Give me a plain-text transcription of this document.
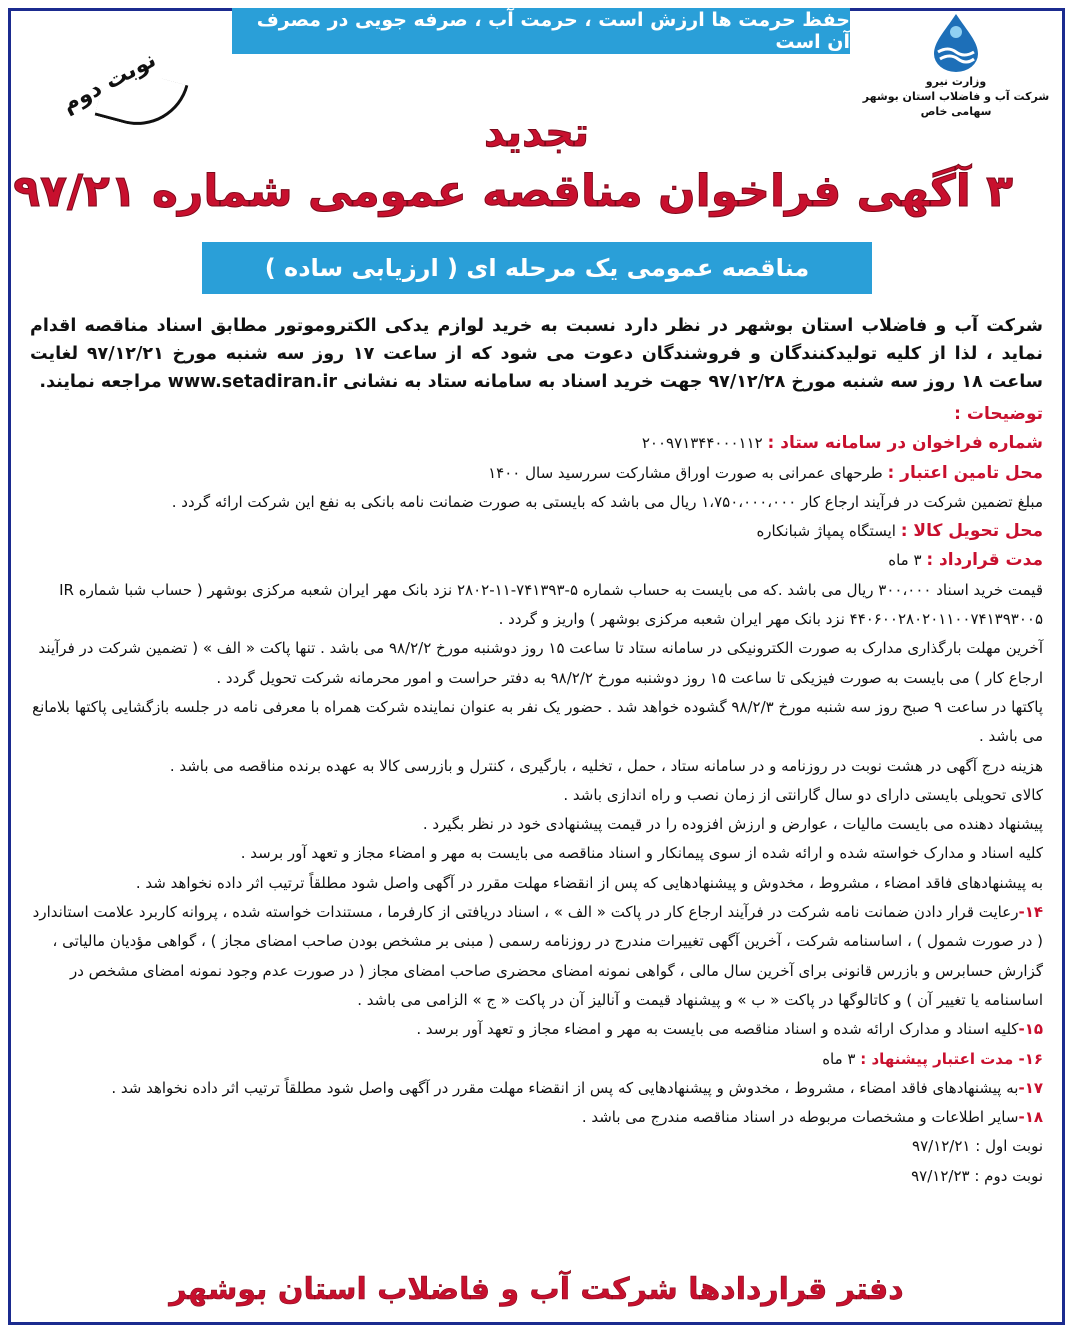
حفظ حرمت ها ارزش است ، حرمت آب ، صرفه جویی در مصرف آن است
وزارت نیرو
شرکت آب و فاضلاب استان بوشهر
سهامی خاص
نوبت دوم
تجدید
۳ آگهی فراخوان مناقصه عمومی شماره ۹۷/۲۱
مناقصه عمومی یک مرحله ای ( ارزیابی ساده )
شرکت آب و فاضلاب استان بوشهر در نظر دارد نسبت به خرید لوازم یدکی الکتروموتور مطابق اسناد مناقصه اقدام نماید ، لذا از کلیه تولیدکنندگان و فروشندگان دعوت می شود که از ساعت ۱۷ روز سه شنبه مورخ ۹۷/۱۲/۲۱ لغایت ساعت ۱۸ روز سه شنبه مورخ ۹۷/۱۲/۲۸ جهت خرید اسناد به سامانه ستاد به نشانی www.setadiran.ir مراجعه نمایند.

توضیحات :

شماره فراخوان در سامانه ستاد : ۲۰۰۹۷۱۳۴۴۰۰۰۱۱۲

محل تامین اعتبار : طرحهای عمرانی به صورت اوراق مشارکت سررسید سال ۱۴۰۰

مبلغ تضمین شرکت در فرآیند ارجاع کار ۱،۷۵۰،۰۰۰،۰۰۰ ریال می باشد که بایستی به صورت ضمانت نامه بانکی به نفع این شرکت ارائه گردد .

محل تحویل کالا : ایستگاه پمپاژ شبانکاره

مدت قرارداد : ۳ ماه

قیمت خرید اسناد ۳۰۰،۰۰۰ ریال می باشد .که می بایست به حساب شماره ۵-۷۴۱۳۹۳-۱۱-۲۸۰۲ نزد بانک مهر ایران شعبه مرکزی بوشهر ( حساب شبا شماره IR ۴۴۰۶۰۰۲۸۰۲۰۱۱۰۰۷۴۱۳۹۳۰۰۵ نزد بانک مهر ایران شعبه مرکزی بوشهر ) واریز و گردد .

آخرین مهلت بارگذاری مدارک به صورت الکترونیکی در سامانه ستاد تا ساعت ۱۵ روز دوشنبه مورخ ۹۸/۲/۲ می باشد . تنها پاکت « الف » ( تضمین شرکت در فرآیند ارجاع کار ) می بایست به صورت فیزیکی تا ساعت ۱۵ روز دوشنبه مورخ ۹۸/۲/۲ به دفتر حراست و امور محرمانه شرکت تحویل گردد .

پاکتها در ساعت ۹ صبح روز سه شنبه مورخ ۹۸/۲/۳ گشوده خواهد شد . حضور یک نفر به عنوان نماینده شرکت همراه با معرفی نامه در جلسه بازگشایی پاکتها بلامانع می باشد .

هزینه درج آگهی در هشت نوبت در روزنامه و در سامانه ستاد ، حمل ، تخلیه ، بارگیری ، کنترل و بازرسی کالا به عهده برنده مناقصه می باشد .

کالای تحویلی بایستی دارای دو سال گارانتی از زمان نصب و راه اندازی باشد .

پیشنهاد دهنده می بایست مالیات ، عوارض و ارزش افزوده را در قیمت پیشنهادی خود در نظر بگیرد .

کلیه اسناد و مدارک خواسته شده و ارائه شده از سوی پیمانکار و اسناد مناقصه می بایست به مهر و امضاء مجاز و تعهد آور برسد .

به پیشنهادهای فاقد امضاء ، مشروط ، مخدوش و پیشنهادهایی که پس از انقضاء مهلت مقرر در آگهی واصل شود مطلقاً ترتیب اثر داده نخواهد شد .

۱۴-رعایت قرار دادن ضمانت نامه شرکت در فرآیند ارجاع کار در پاکت « الف » ، اسناد دریافتی از کارفرما ، مستندات خواسته شده ، پروانه کاربرد علامت استاندارد ( در صورت شمول ) ، اساسنامه شرکت ، آخرین آگهی تغییرات مندرج در روزنامه رسمی ( مبنی بر مشخص بودن صاحب امضای مجاز ) ، گواهی مؤدیان مالیاتی ، گزارش حسابرس و بازرس قانونی برای آخرین سال مالی ، گواهی نمونه امضای محضری صاحب امضای مجاز ( در صورت عدم وجود نمونه امضای مشخص در اساسنامه یا تغییر آن ) و کاتالوگها در پاکت « ب » و پیشنهاد قیمت و آنالیز آن در پاکت « ج » الزامی می باشد .

۱۵-کلیه اسناد و مدارک ارائه شده و اسناد مناقصه می بایست به مهر و امضاء مجاز و تعهد آور برسد .

۱۶- مدت اعتبار پیشنهاد : ۳ ماه

۱۷-به پیشنهادهای فاقد امضاء ، مشروط ، مخدوش و پیشنهادهایی که پس از انقضاء مهلت مقرر در آگهی واصل شود مطلقاً ترتیب اثر داده نخواهد شد .

۱۸-سایر اطلاعات و مشخصات مربوطه در اسناد مناقصه مندرج می باشد .

نوبت اول : ۹۷/۱۲/۲۱

نوبت دوم : ۹۷/۱۲/۲۳

دفتر قراردادها شرکت آب و فاضلاب استان بوشهر
